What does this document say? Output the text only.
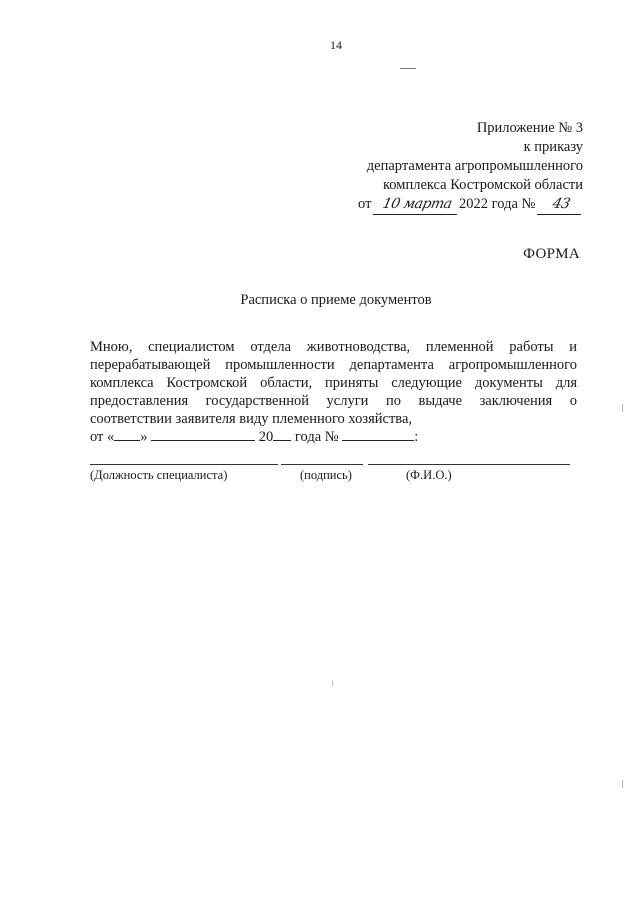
14
Приложение № 3
к приказу
департамента агропромышленного
комплекса Костромской области
от 10 марта 2022 года № 43
ФОРМА
Расписка о приеме документов
Мною, специалистом отдела животноводства, племенной работы и перерабатывающей промышленности департамента агропромышленного комплекса Костромской области, приняты следующие документы для предоставления государственной услуги по выдаче заключения о соответствии заявителя виду племенного хозяйства,
от « »	20 года №	:
(Должность специалиста)	(подпись)	(Ф.И.О.)
